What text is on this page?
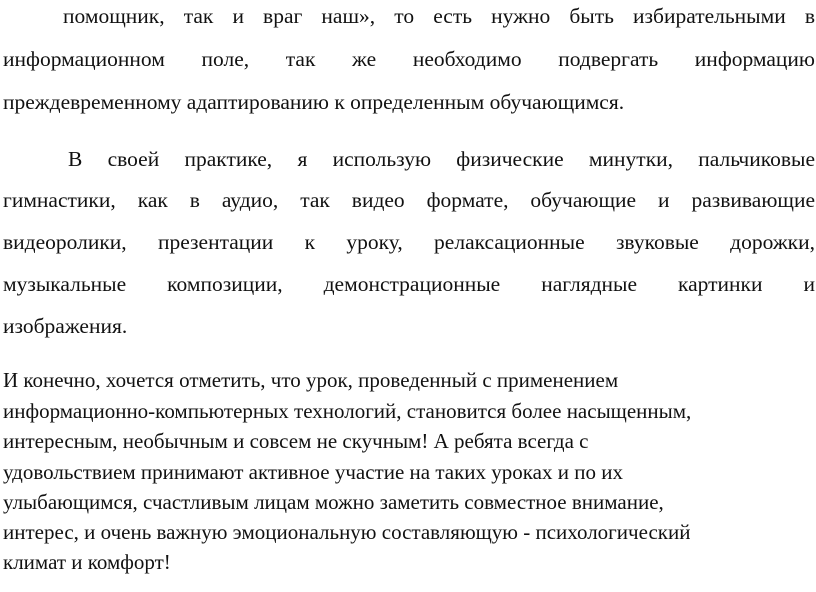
помощник, так и враг наш», то есть нужно быть избирательными в
информационном поле, так же необходимо подвергать информацию
преждевременному адаптированию к определенным обучающимся.
В своей практике, я использую физические минутки, пальчиковые
гимнастики, как в аудио, так видео формате, обучающие и развивающие
видеоролики, презентации к уроку, релаксационные звуковые дорожки,
музыкальные композиции, демонстрационные наглядные картинки и
изображения.
И конечно, хочется отметить, что урок, проведенный с применением
информационно-компьютерных технологий, становится более насыщенным,
интересным, необычным и совсем не скучным! А ребята всегда с
удовольствием принимают активное участие на таких уроках и по их
улыбающимся, счастливым лицам можно заметить совместное внимание,
интерес, и очень важную эмоциональную составляющую - психологический
климат и комфорт!
